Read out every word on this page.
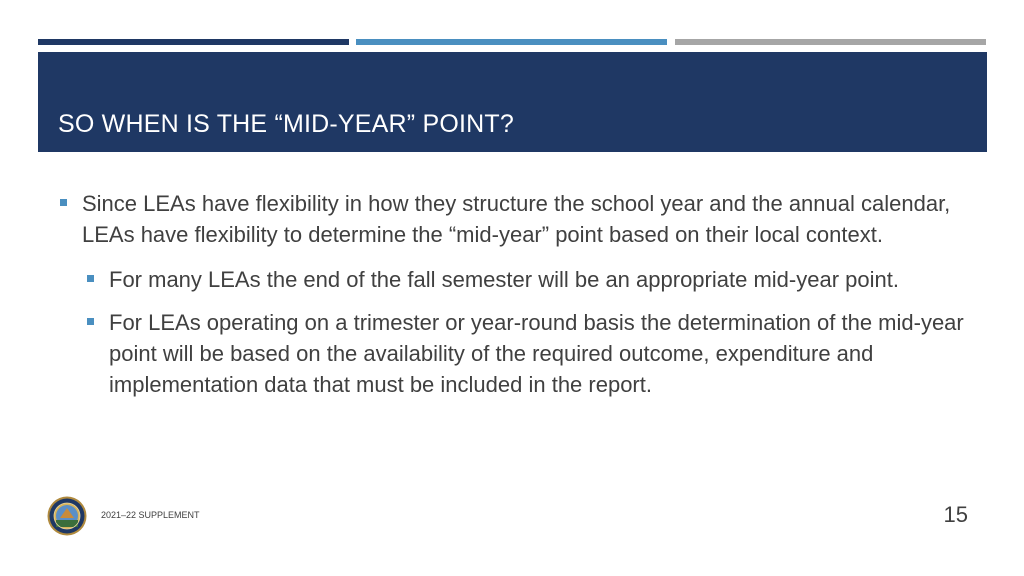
SO WHEN IS THE “MID-YEAR” POINT?
Since LEAs have flexibility in how they structure the school year and the annual calendar, LEAs have flexibility to determine the “mid-year” point based on their local context.
For many LEAs the end of the fall semester will be an appropriate mid-year point.
For LEAs operating on a trimester or year-round basis the determination of the mid-year point will be based on the availability of the required outcome, expenditure and implementation data that must be included in the report.
2021–22 SUPPLEMENT	15
